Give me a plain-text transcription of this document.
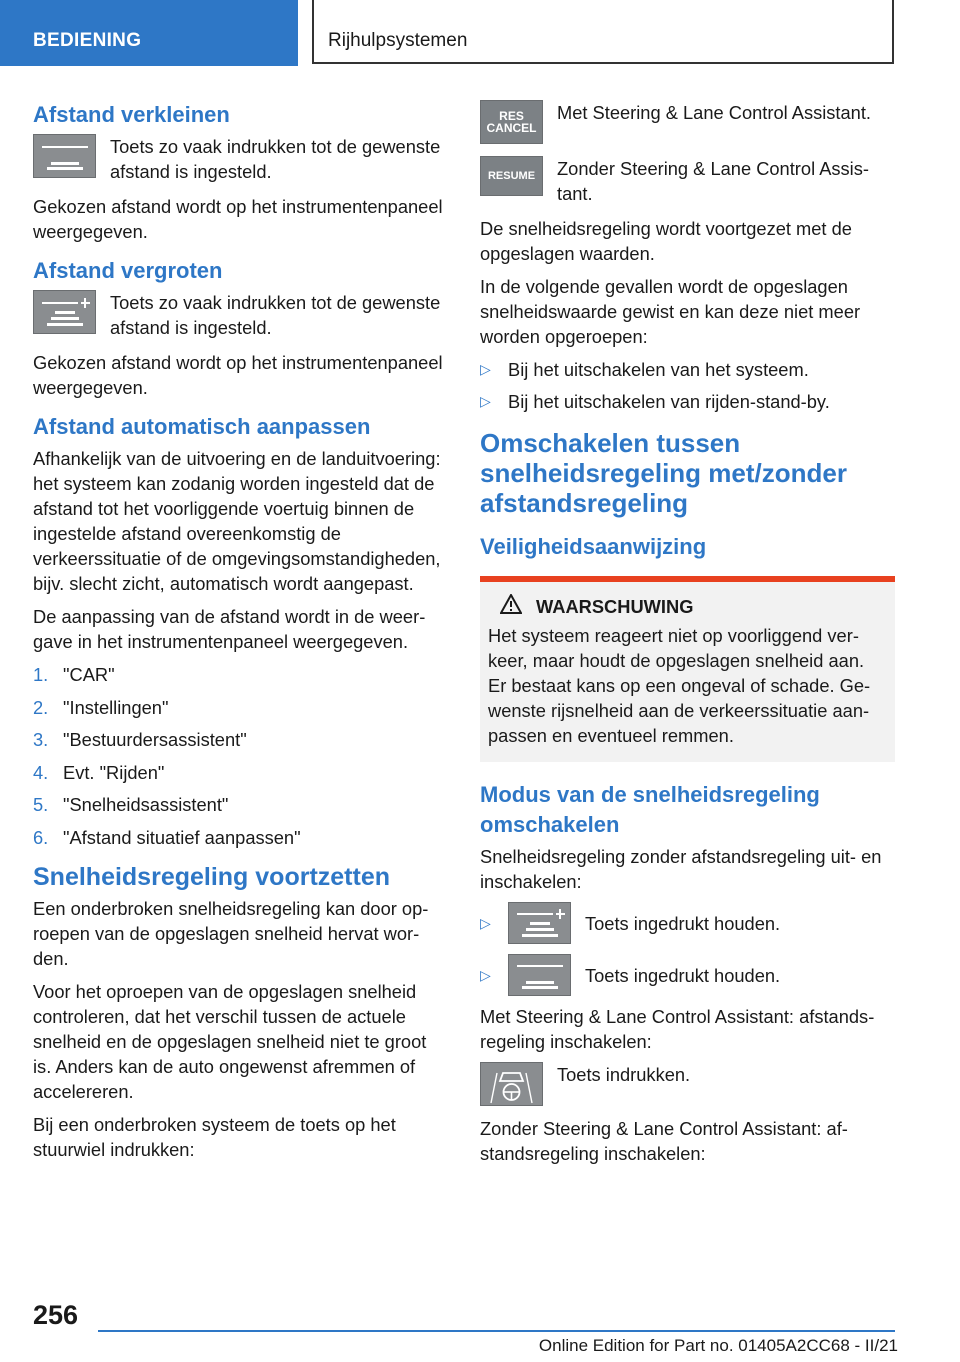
BEDIENING	Rijhulpsystemen
Afstand verkleinen

Toets zo vaak indrukken tot de gewenste afstand is ingesteld.

Gekozen afstand wordt op het instrumentenpaneel weergegeven.

Afstand vergroten

Toets zo vaak indrukken tot de gewenste afstand is ingesteld.

Gekozen afstand wordt op het instrumentenpaneel weergegeven.

Afstand automatisch aanpassen

Afhankelijk van de uitvoering en de landuitvoering: het systeem kan zodanig worden ingesteld dat de afstand tot het voorliggende voertuig binnen de ingestelde afstand overeenkomstig de verkeerssituatie of de omgevingsomstandigheden, bijv. slecht zicht, automatisch wordt aangepast.

De aanpassing van de afstand wordt in de weergave in het instrumentenpaneel weergegeven.

1. "CAR"
2. "Instellingen"
3. "Bestuurdersassistent"
4. Evt. "Rijden"
5. "Snelheidsassistent"
6. "Afstand situatief aanpassen"
Snelheidsregeling voortzetten

Een onderbroken snelheidsregeling kan door oproepen van de opgeslagen snelheid hervat worden.

Voor het oproepen van de opgeslagen snelheid controleren, dat het verschil tussen de actuele snelheid en de opgeslagen snelheid niet te groot is. Anders kan de auto ongewenst afremmen of accelereren.

Bij een onderbroken systeem de toets op het stuurwiel indrukken:

RES
CANCEL

Met Steering & Lane Control Assistant.

RESUME	Zonder Steering & Lane Control Assistant.

De snelheidsregeling wordt voortgezet met de opgeslagen waarden.

In de volgende gevallen wordt de opgeslagen snelheidswaarde gewist en kan deze niet meer worden opgeroepen:

▷ Bij het uitschakelen van het systeem.
▷ Bij het uitschakelen van rijden-stand-by.
Omschakelen tussen snelheidsregeling met/zonder afstandsregeling
Veiligheidsaanwijzing
WAARSCHUWING

Het systeem reageert niet op voorliggend verkeer, maar houdt de opgeslagen snelheid aan. Er bestaat kans op een ongeval of schade. Gewenste rijsnelheid aan de verkeerssituatie aanpassen en eventueel remmen.

Modus van de snelheidsregeling omschakelen

Snelheidsregeling zonder afstandsregeling uit- en inschakelen:

▷	Toets ingedrukt houden.
▷	Toets ingedrukt houden.

Met Steering & Lane Control Assistant: afstandsregeling inschakelen:

Toets indrukken.

Zonder Steering & Lane Control Assistant: afstandsregeling inschakelen:

256
Online Edition for Part no. 01405A2CC68 - II/21
